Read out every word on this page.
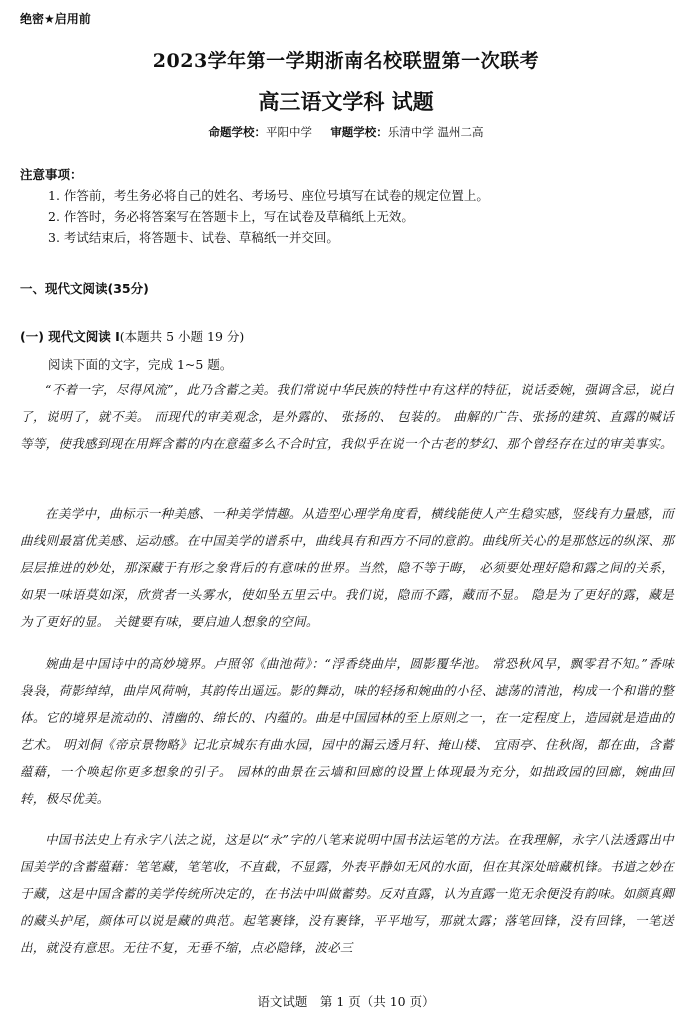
绝密★启用前
2023学年第一学期浙南名校联盟第一次联考
高三语文学科 试题
命题学校：平阳中学 审题学校：乐清中学 温州二高
注意事项：
1. 作答前，考生务必将自己的姓名、考场号、座位号填写在试卷的规定位置上。
2. 作答时，务必将答案写在答题卡上，写在试卷及草稿纸上无效。
3. 考试结束后，将答题卡、试卷、草稿纸一并交回。
一、现代文阅读(35分)
(一) 现代文阅读 I(本题共 5 小题 19 分)
阅读下面的文字，完成 1~5 题。
“不着一字，尽得风流”，此乃含蓄之美。我们常说中华民族的特性中有这样的特征，说话委婉，强调含忌，说白了，说明了，就不美。 而现代的审美观念，是外露的、 张扬的、 包装的。 曲解的广告、张扬的建筑、直露的喊话等等，使我感到现在用辉含蓄的内在意蕴多么不合时宜，我似乎在说一个古老的梦幻、那个曾经存在过的审美事实。
在美学中，曲标示一种美感、一种美学情趣。从造型心理学角度看，横线能使人产生稳实感，竖线有力量感，而曲线则最富优美感、运动感。在中国美学的谱系中，曲线具有和西方不同的意韵。曲线所关心的是那悠远的纵深、那层层推进的妙处，那深藏于有形之象背后的有意味的世界。当然，隐不等于晦， 必须要处理好隐和露之间的关系，如果一味语莫如深，欣赏者一头雾水，使如坠五里云中。我们说，隐而不露，藏而不显。 隐是为了更好的露，藏是为了更好的显。 关键要有味，要启迪人想象的空间。
婉曲是中国诗中的高妙境界。卢照邻《曲池荷》：“浮香绕曲岸，圆影覆华池。 常恐秋风早，飘零君不知。”香味袅袅，荷影绰绰，曲岸风荷响，其韵传出遥远。影的舞动，味的轻扬和婉曲的小径、滤荡的清池，构成一个和谐的整体。它的境界是流动的、清幽的、绵长的、内蕴的。曲是中国园林的至上原则之一，在一定程度上，造园就是造曲的艺术。 明刘侗《帝京景物略》记北京城东有曲水园，园中的漏云透月轩、掩山楼、 宜雨亭、住秋阁，都在曲，含蓄蕴藉，一个唤起你更多想象的引子。 园林的曲景在云墙和回廊的设置上体现最为充分，如拙政园的回廊，婉曲回转，极尽优美。
中国书法史上有永字八法之说，这是以“永”字的八笔来说明中国书法运笔的方法。在我理解，永字八法透露出中国美学的含蓄蕴藉：笔笔藏，笔笔收，不直截，不显露，外表平静如无风的水面，但在其深处暗藏机锋。书道之妙在于藏，这是中国含蓄的美学传统所决定的，在书法中叫做蓄势。反对直露，认为直露一览无余便没有韵味。如颜真卿的藏头护尾，颜体可以说是藏的典范。起笔裹锋，没有裹锋，平平地写，那就太露；落笔回锋，没有回锋，一笔送出，就没有意思。无往不复，无垂不缩，点必隐锋，波必三
语文试题　第 1 页（共 10 页）
